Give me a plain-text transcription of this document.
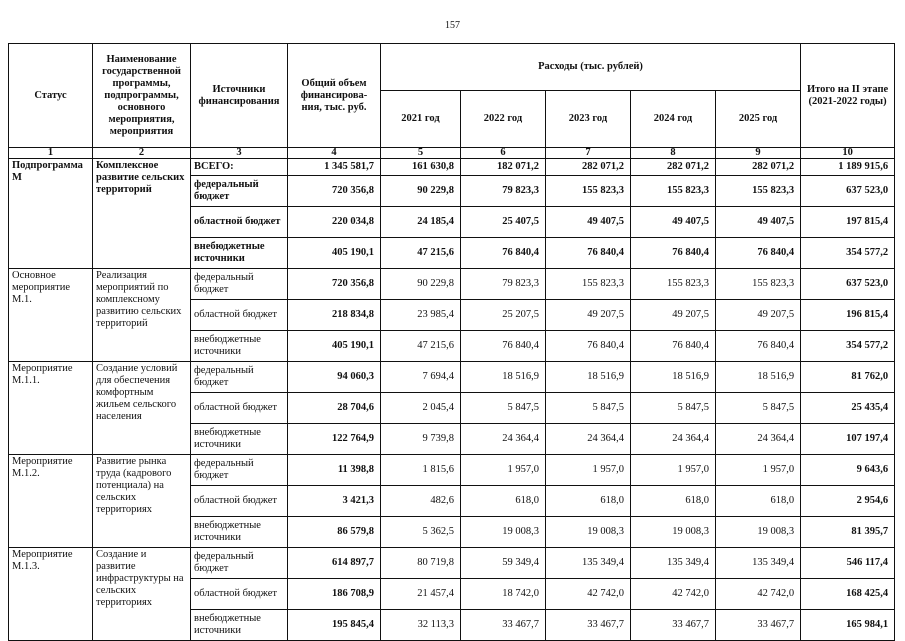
157
Статус	Наименование государственной программы, подпрограммы, основного мероприятия, мероприятия	Источники финансирования	Общий объем финансирова-ния, тыс. руб.	Расходы (тыс. рублей)					Итого на II этапе (2021-2022 годы)
				2021 год	2022 год	2023 год	2024 год	2025 год	
1	2	3	4	5	6	7	8	9	10
Подпрограмма М	Комплексное развитие сельских территорий	ВСЕГО:	1 345 581,7	161 630,8	182 071,2	282 071,2	282 071,2	282 071,2	1 189 915,6
		федеральный бюджет	720 356,8	90 229,8	79 823,3	155 823,3	155 823,3	155 823,3	637 523,0
		областной бюджет	220 034,8	24 185,4	25 407,5	49 407,5	49 407,5	49 407,5	197 815,4
		внебюджетные источники	405 190,1	47 215,6	76 840,4	76 840,4	76 840,4	76 840,4	354 577,2
Основное мероприятие М.1.	Реализация мероприятий по комплексному развитию сельских территорий	федеральный бюджет	720 356,8	90 229,8	79 823,3	155 823,3	155 823,3	155 823,3	637 523,0
		областной бюджет	218 834,8	23 985,4	25 207,5	49 207,5	49 207,5	49 207,5	196 815,4
		внебюджетные источники	405 190,1	47 215,6	76 840,4	76 840,4	76 840,4	76 840,4	354 577,2
Мероприятие М.1.1.	Создание условий для обеспечения комфортным жильем сельского населения	федеральный бюджет	94 060,3	7 694,4	18 516,9	18 516,9	18 516,9	18 516,9	81 762,0
		областной бюджет	28 704,6	2 045,4	5 847,5	5 847,5	5 847,5	5 847,5	25 435,4
		внебюджетные источники	122 764,9	9 739,8	24 364,4	24 364,4	24 364,4	24 364,4	107 197,4
Мероприятие М.1.2.	Развитие рынка труда (кадрового потенциала) на сельских территориях	федеральный бюджет	11 398,8	1 815,6	1 957,0	1 957,0	1 957,0	1 957,0	9 643,6
		областной бюджет	3 421,3	482,6	618,0	618,0	618,0	618,0	2 954,6
		внебюджетные источники	86 579,8	5 362,5	19 008,3	19 008,3	19 008,3	19 008,3	81 395,7
Мероприятие М.1.3.	Создание и развитие инфраструктуры на сельских территориях	федеральный бюджет	614 897,7	80 719,8	59 349,4	135 349,4	135 349,4	135 349,4	546 117,4
		областной бюджет	186 708,9	21 457,4	18 742,0	42 742,0	42 742,0	42 742,0	168 425,4
		внебюджетные источники	195 845,4	32 113,3	33 467,7	33 467,7	33 467,7	33 467,7	165 984,1
